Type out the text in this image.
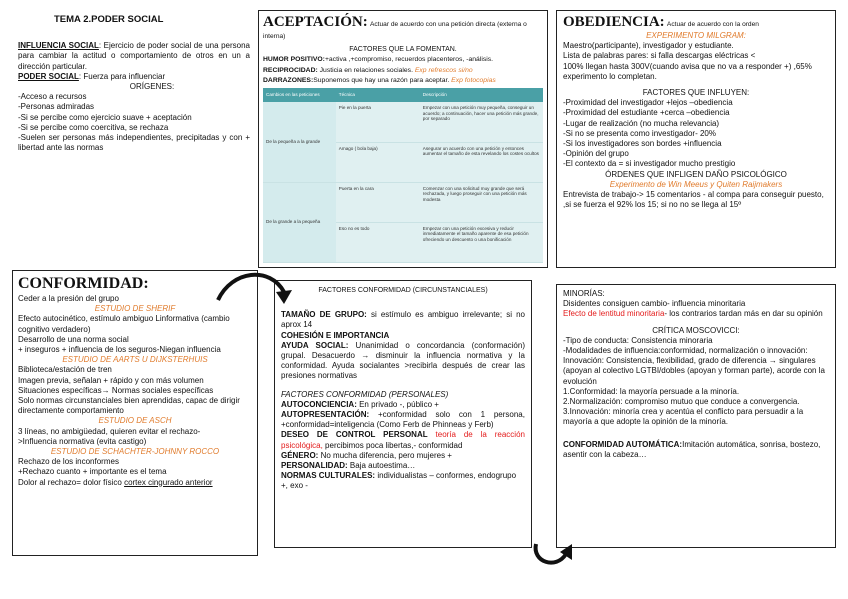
TEMA 2.PODER SOCIAL

INFLUENCIA SOCIAL: Ejercicio de poder social de una persona para cambiar la actitud o comportamiento de otros en un a dirección particular.

PODER SOCIAL: Fuerza para influenciar

ORÍGENES:

-Acceso a recursos

-Personas admiradas

-Si se percibe como ejercicio suave + aceptación

-Si se percibe como coercitiva, se rechaza

-Suelen ser personas más independientes, precipitadas y con + libertad ante las normas

ACEPTACIÓN: Actuar de acuerdo con una petición directa (externa o interna)

FACTORES QUE LA FOMENTAN.

HUMOR POSITIVO:+activa ,+compromiso, recuerdos placenteros, -análisis.

RECIPROCIDAD: Justicia en relaciones sociales. Exp refrescos si/no

DARRAZONES:Suponemos que hay una razón para aceptar. Exp fotocopias

Cambios en las peticiones	Técnica	Descripción
De la pequeña a la grande	Pie en la puerta	Empezar con una petición muy pequeña, conseguir un acuerdo; a continuación, hacer una petición más grande, por separado
	Amago ( bola baja)	Asegurar un acuerdo con una petición y entonces aumentar el tamaño de esta revelando los costes ocultos
De la grande a la pequeña	Puerta en la cara	Comenzar con una solicitud muy grande que será rechazada, y luego proseguir con una petición más modesta
	Eso no es todo	Empezar con una petición excesiva y reducir inmediatamente el tamaño aparente de esa petición ofreciendo un descuento o una bonificación

OBEDIENCIA: Actuar de acuerdo con la orden

EXPERIMENTO MILGRAM:

Maestro(participante), investigador y estudiante.

Lista de palabras pares: si falla descargas eléctricas <

100% llegan hasta 300V(cuando avisa que no va a responder +) ,65% experimento lo completan.

FACTORES QUE INFLUYEN:

-Proximidad del investigador +lejos –obediencia

-Proximidad del estudiante +cerca –obediencia

-Lugar de realización (no mucha relevancia)

-Si no se presenta como investigador- 20%

-Si los investigadores son bordes +influencia

-Opinión del grupo

-El contexto da = si investigador mucho prestigio

ÓRDENES QUE INFLIGEN DAÑO PSICOLÓGICO

Experimento de Win Meeus y Quiten Raijmakers

Entrevista de trabajo-> 15 comentarios - al compa para conseguir puesto, ,si se fuerza el 92% los 15; si no no se llega al 15º

CONFORMIDAD:

Ceder a la presión del grupo

ESTUDIO DE SHERIF

Efecto autocinético, estímulo ambiguo Linformativa (cambio cognitivo verdadero)

Desarrollo de una norma social

+ inseguros + influencia de los seguros-Niegan influencia

ESTUDIO DE AARTS U DIJKSTERHUIS

Biblioteca/estación de tren

Imagen previa, señalan + rápido y con más volumen

Situaciones específicas→ Normas sociales específicas

Solo normas circunstanciales bien aprendidas, capac de dirigir directamente comportamiento

ESTUDIO DE ASCH

3 líneas, no ambigüedad, quieren evitar el rechazo-

>Influencia normativa (evita castigo)

ESTUDIO DE SCHACHTER-JOHNNY ROCCO

Rechazo de los inconformes

+Rechazo cuanto + importante es el tema

Dolor al rechazo= dolor físico cortex cingurado anterior

FACTORES CONFORMIDAD (CIRCUNSTANCIALES)

TAMAÑO DE GRUPO: si estímulo es ambiguo irrelevante; si no aprox 14

COHESIÓN E IMPORTANCIA

AYUDA SOCIAL: Unanimidad o concordancia (conformación) grupal. Desacuerdo → disminuir la influencia normativa y la conformidad. Ayuda socialantes >recibirla después de crear las presiones normativas

FACTORES CONFORMIDAD (PERSONALES)

AUTOCONCIENCIA: En privado -, público +

AUTOPRESENTACIÓN: +conformidad solo con 1 persona, +conformidad=inteligencia (Como Ferb de Phinneas y Ferb)

DESEO DE CONTROL PERSONAL teoría de la reacción psicológica, percibimos poca libertas,- conformidad

GÉNERO: No mucha diferencia, pero mujeres +

PERSONALIDAD: Baja autoestima…

NORMAS CULTURALES: individualistas – conformes, endogrupo +, exo -

MINORÍAS:

Disidentes consiguen cambio- influencia minoritaria

Efecto de lentitud minoritaria- los contrarios tardan más en dar su opinión

CRÍTICA MOSCOVICCI:

-Tipo de conducta: Consistencia minoraria

-Modalidades de influencia:conformidad, normalización o innovación:

Innovación: Consistencia, flexibilidad, grado de diferencia → singulares (apoyan al colectivo LGTBI/dobles (apoyan y forman parte), acorde con la evolución

1.Conformidad: la mayoría persuade a la minoría.

2.Normalización: compromiso mutuo que conduce a convergencia.

3.Innovación: minoría crea y acentúa el conflicto para persuadir a la mayoría a que adopte la opinión de la minoría.

CONFORMIDAD AUTOMÁTICA:Imitación automática, sonrisa, bostezo, asentir con la cabeza…
